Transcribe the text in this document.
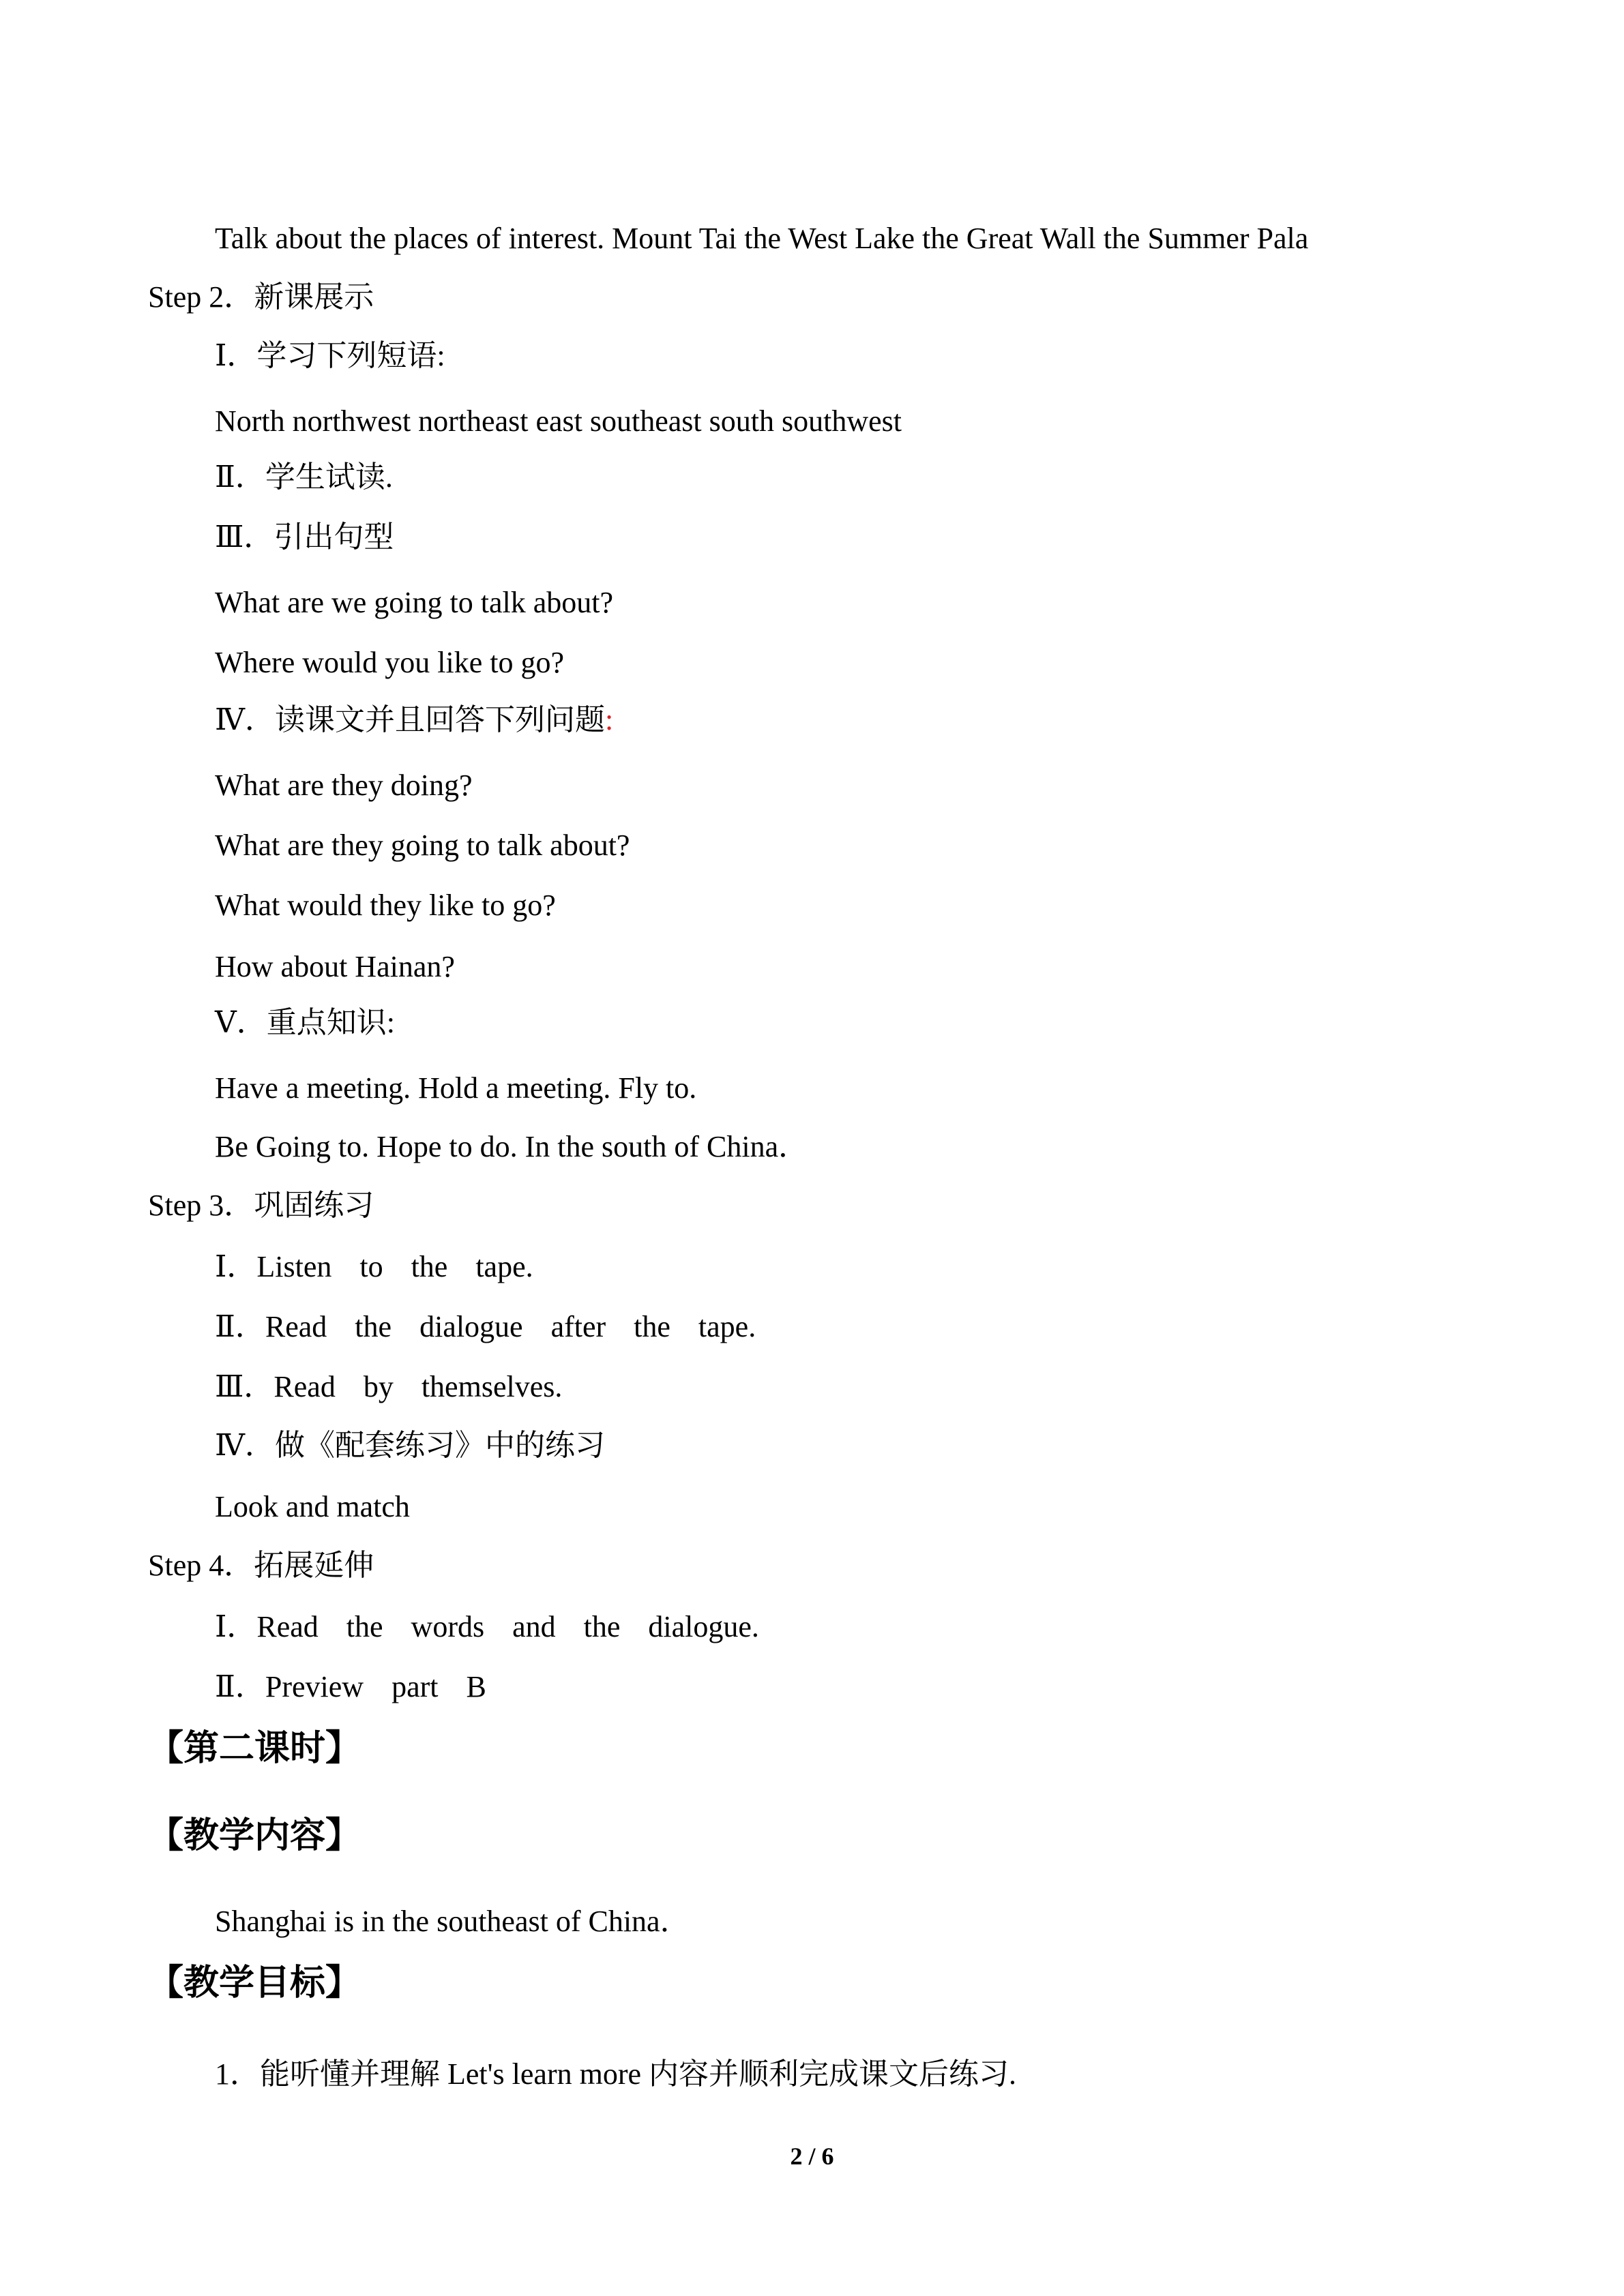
Talk about the places of interest. Mount Tai the West Lake the Great Wall the Summer Pala
Step 2．新课展示
Ⅰ．学习下列短语:
North northwest northeast east southeast south southwest
Ⅱ．学生试读.
Ⅲ．引出句型
What are we going to talk about?
Where would you like to go?
Ⅳ．读课文并且回答下列问题:
What are they doing?
What are they going to talk about?
What would they like to go?
How about Hainan?
Ⅴ．重点知识:
Have a meeting. Hold a meeting. Fly to.
Be Going to. Hope to do. In the south of China．
Step 3．巩固练习
Ⅰ．Listen to the tape.
Ⅱ．Read the dialogue after the tape.
Ⅲ．Read by themselves.
Ⅳ．做《配套练习》中的练习
Look and match
Step 4．拓展延伸
Ⅰ．Read the words and the dialogue.
Ⅱ．Preview part B
【第二课时】
【教学内容】
Shanghai is in the southeast of China．
【教学目标】
1．能听懂并理解 Let's learn more 内容并顺利完成课文后练习.
2 / 6
